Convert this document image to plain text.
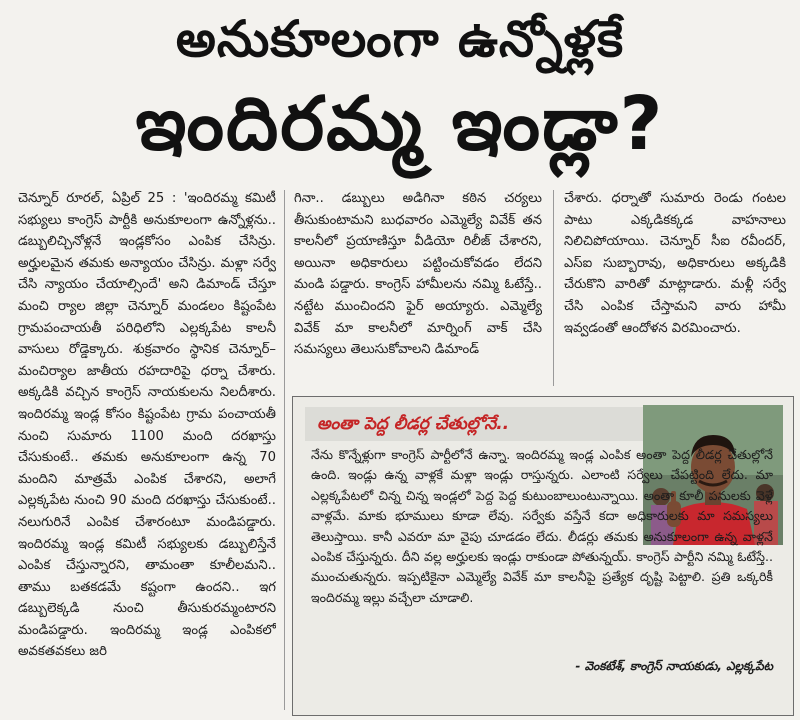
అనుకూలంగా ఉన్నోళ్లకే
ఇందిరమ్మ ఇండ్లా?

చెన్నూర్ రూరల్, ఏప్రిల్ 25 : 'ఇందిరమ్మ కమిటీ సభ్యులు కాంగ్రెస్ పార్టీకి అనుకూలంగా ఉన్నోళ్లను.. డబ్బులిచ్చినోళ్లనే ఇండ్లకోసం ఎంపిక చేసిన్రు. అర్హులమైన తమకు అన్యాయం చేసిన్రు. మళ్లా సర్వే చేసి న్యాయం చేయాల్సిందే' అని డిమాండ్ చేస్తూ మంచి ర్యాల జిల్లా చెన్నూర్ మండలం కిష్టంపేట గ్రామపంచాయతీ పరిధిలోని ఎల్లక్కపేట కాలనీ వాసులు రోడ్డెక్కారు. శుక్రవారం స్థానిక చెన్నూర్–మంచిర్యాల జాతీయ రహదారిపై ధర్నా చేశారు. అక్కడికి వచ్చిన కాంగ్రెస్ నాయకులను నిలదీశారు. ఇందిరమ్మ ఇండ్ల కోసం కిష్టంపేట గ్రామ పంచాయతీ నుంచి సుమారు 1100 మంది దరఖాస్తు చేసుకుంటే.. తమకు అనుకూలంగా ఉన్న 70 మందిని మాత్రమే ఎంపిక చేశారని, అలాగే ఎల్లక్కపేట నుంచి 90 మంది దరఖాస్తు చేసుకుంటే.. నలుగురినే ఎంపిక చేశారంటూ మండిపడ్డారు. ఇందిరమ్మ ఇండ్ల కమిటీ సభ్యులకు డబ్బులిస్తేనే ఎంపిక చేస్తున్నారని, తామంతా కూలీలమని.. తాము బతకడమే కష్టంగా ఉందని.. ఇగ డబ్బులెక్కడి నుంచి తీసుకురమ్మంటారని మండిపడ్డారు. ఇందిరమ్మ ఇండ్ల ఎంపికలో అవకతవకలు జరి

గినా.. డబ్బులు అడిగినా కఠిన చర్యలు తీసుకుంటామని బుధవారం ఎమ్మెల్యే వివేక్ తన కాలనీలో ప్రయాణిస్తూ వీడియో రిలీజ్ చేశారని, అయినా అధికారులు పట్టించుకోవడం లేదని మండి పడ్డారు. కాంగ్రెస్ హామీలను నమ్మి ఓటేస్తే.. నట్టేట ముంచిందని ఫైర్ అయ్యారు. ఎమ్మెల్యే వివేక్ మా కాలనీలో మార్నింగ్ వాక్ చేసి సమస్యలు తెలుసుకోవాలని డిమాండ్

చేశారు. ధర్నాతో సుమారు రెండు గంటల పాటు ఎక్కడికక్కడ వాహనాలు నిలిచిపోయాయి. చెన్నూర్ సీఐ రవీందర్, ఎస్ఐ సుబ్బారావు, అధికారులు అక్కడికి చేరుకొని వారితో మాట్లాడారు. మళ్లీ సర్వే చేసి ఎంపిక చేస్తామని వారు హామీ ఇవ్వడంతో ఆందోళన విరమించారు.

అంతా పెద్ద లీడర్ల చేతుల్లోనే..

నేను కొన్నేళ్లుగా కాంగ్రెస్ పార్టీలోనే ఉన్నా. ఇందిరమ్మ ఇండ్ల ఎంపిక అంతా పెద్ద లీడర్ల చేతుల్లోనే ఉంది. ఇండ్లు ఉన్న వాళ్లకే మళ్లా ఇండ్లు రాస్తున్నరు. ఎలాంటి సర్వేలు చేపట్టింది లేదు. మా ఎల్లక్కపేటలో చిన్న చిన్న ఇండ్లలో పెద్ద పెద్ద కుటుంబాలుంటున్నాయి. అంతా కూలీ పనులకు వెళ్లే వాళ్లమే. మాకు భూములు కూడా లేవు. సర్వేకు వస్తేనే కదా అధికారులకు మా సమస్యలు తెలుస్తాయి. కానీ ఎవరూ మా వైపు చూడడం లేదు. లీడర్లు తమకు అనుకూలంగా ఉన్న వాళ్లనే ఎంపిక చేస్తున్నరు. దీని వల్ల అర్హులకు ఇండ్లు రాకుండా పోతున్నయ్. కాంగ్రెస్ పార్టీని నమ్మి ఓటేస్తే.. ముంచుతున్నరు. ఇప్పటికైనా ఎమ్మెల్యే వివేక్ మా కాలనీపై ప్రత్యేక దృష్టి పెట్టాలి. ప్రతి ఒక్కరికీ ఇందిరమ్మ ఇల్లు వచ్చేలా చూడాలి.

- వెంకటేశ్, కాంగ్రెస్ నాయకుడు, ఎల్లక్కపేట
